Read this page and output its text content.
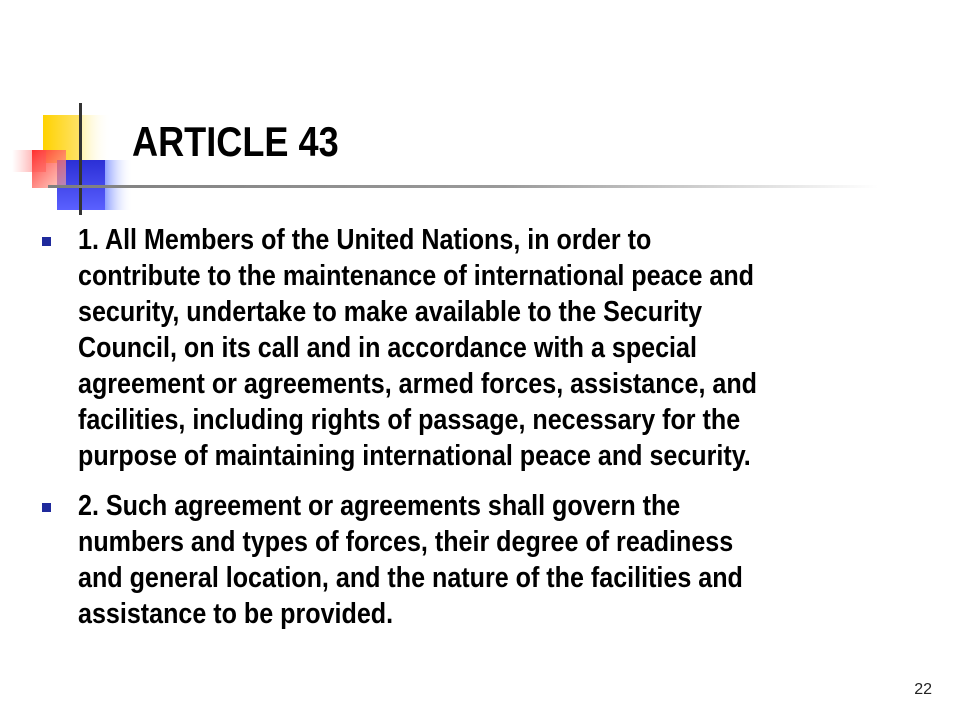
ARTICLE 43
1. All Members of the United Nations, in order to
contribute to the maintenance of international peace and
security, undertake to make available to the Security
Council, on its call and in accordance with a special
agreement or agreements, armed forces, assistance, and
facilities, including rights of passage, necessary for the
purpose of maintaining international peace and security.
2. Such agreement or agreements shall govern the
numbers and types of forces, their degree of readiness
and general location, and the nature of the facilities and
assistance to be provided.
22
